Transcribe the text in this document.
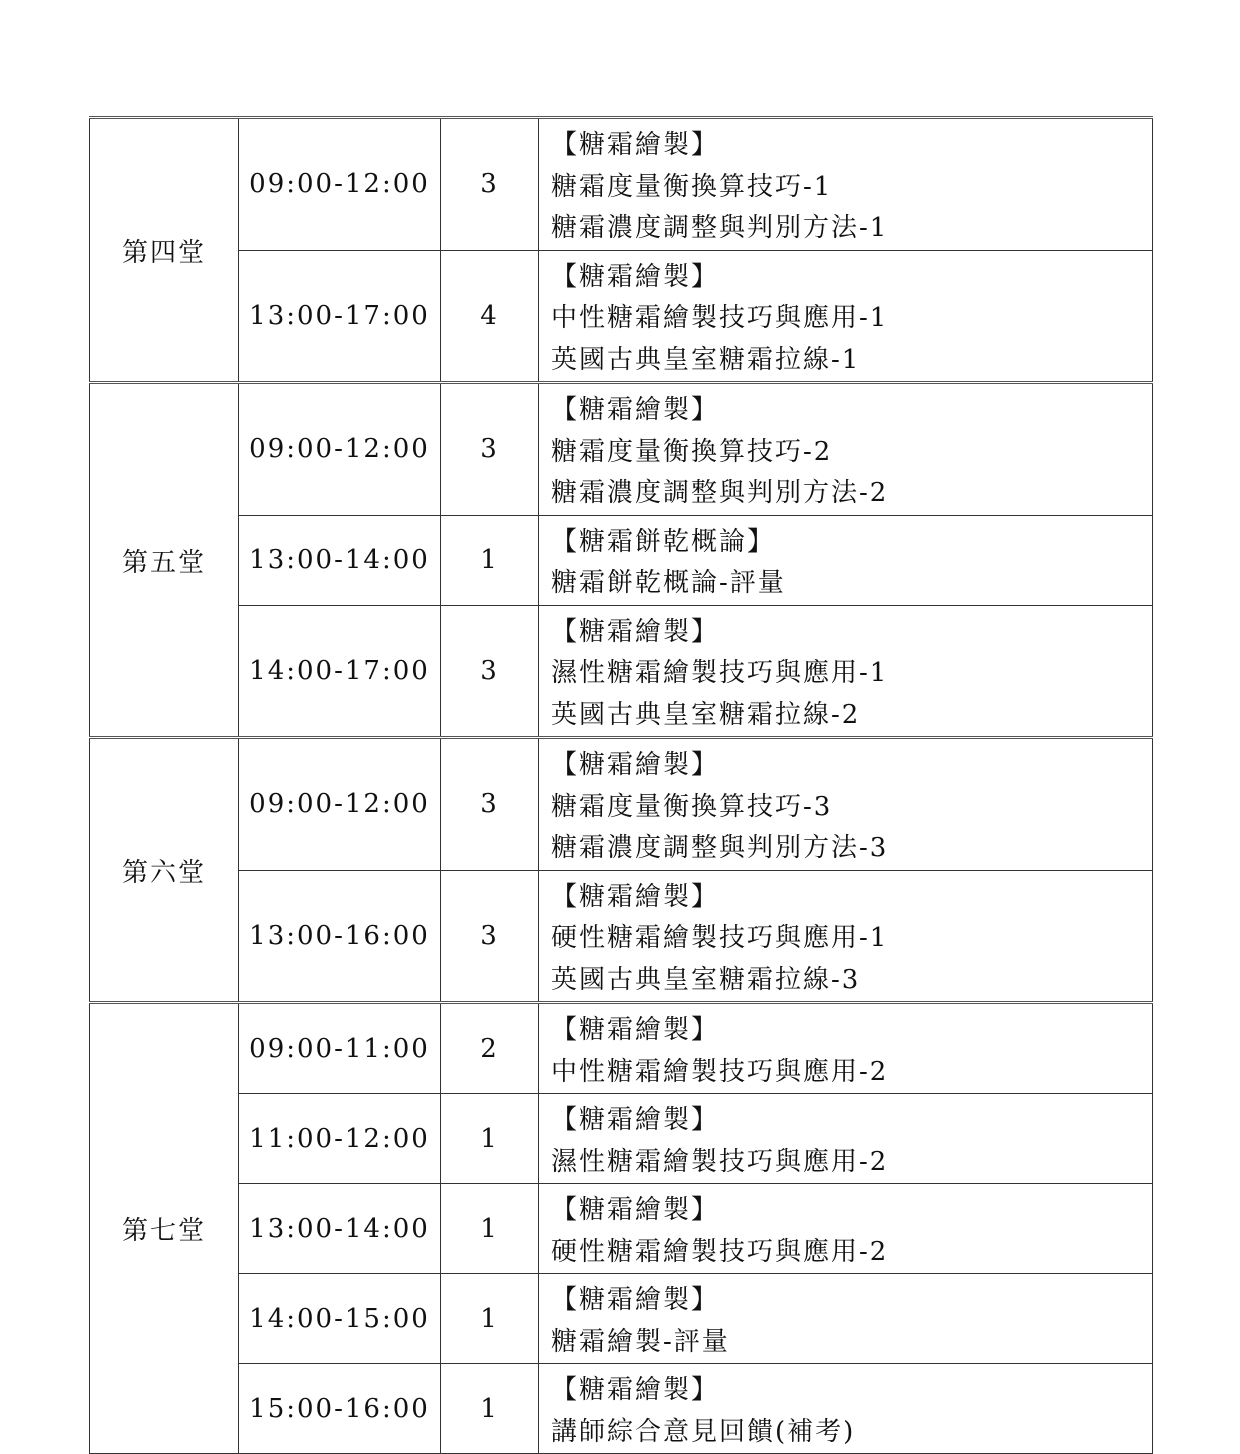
第四堂	09:00-12:00	3	【糖霜繪製】
糖霜度量衡換算技巧-1
糖霜濃度調整與判別方法-1

	13:00-17:00	4	【糖霜繪製】
中性糖霜繪製技巧與應用-1
英國古典皇室糖霜拉線-1

第五堂	09:00-12:00	3	【糖霜繪製】
糖霜度量衡換算技巧-2
糖霜濃度調整與判別方法-2

	13:00-14:00	1	【糖霜餅乾概論】
糖霜餅乾概論-評量

	14:00-17:00	3	【糖霜繪製】
濕性糖霜繪製技巧與應用-1
英國古典皇室糖霜拉線-2

第六堂	09:00-12:00	3	【糖霜繪製】
糖霜度量衡換算技巧-3
糖霜濃度調整與判別方法-3

	13:00-16:00	3	【糖霜繪製】
硬性糖霜繪製技巧與應用-1
英國古典皇室糖霜拉線-3

第七堂	09:00-11:00	2	【糖霜繪製】
中性糖霜繪製技巧與應用-2

	11:00-12:00	1	【糖霜繪製】
濕性糖霜繪製技巧與應用-2

	13:00-14:00	1	【糖霜繪製】
硬性糖霜繪製技巧與應用-2

	14:00-15:00	1	【糖霜繪製】
糖霜繪製-評量

	15:00-16:00	1	【糖霜繪製】
講師綜合意見回饋(補考)
